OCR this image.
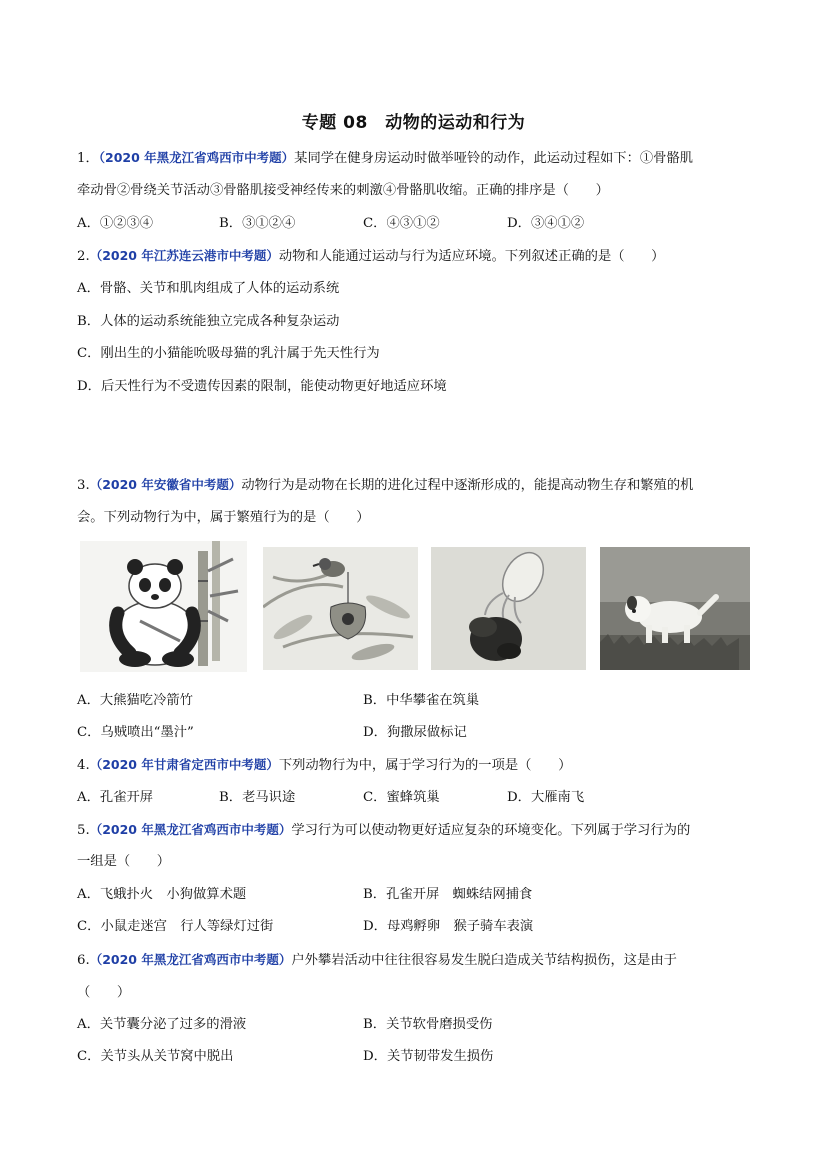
专题 08　动物的运动和行为
1．（2020 年黑龙江省鸡西市中考题）某同学在健身房运动时做举哑铃的动作，此运动过程如下：①骨骼肌
牵动骨②骨绕关节活动③骨骼肌接受神经传来的刺激④骨骼肌收缩。正确的排序是（　　）
A．①②③④	B．③①②④	C．④③①②	D．③④①②
2.（2020 年江苏连云港市中考题）动物和人能通过运动与行为适应环境。下列叙述正确的是（　　）
A．骨骼、关节和肌肉组成了人体的运动系统
B．人体的运动系统能独立完成各种复杂运动
C．刚出生的小猫能吮吸母猫的乳汁属于先天性行为
D．后天性行为不受遗传因素的限制，能使动物更好地适应环境
3.（2020 年安徽省中考题）动物行为是动物在长期的进化过程中逐渐形成的，能提高动物生存和繁殖的机
会。下列动物行为中，属于繁殖行为的是（　　）
A．大熊猫吃冷箭竹	B．中华攀雀在筑巢
C．乌贼喷出“墨汁”	D．狗撒尿做标记
4.（2020 年甘肃省定西市中考题）下列动物行为中，属于学习行为的一项是（　　）
A．孔雀开屏	B．老马识途	C．蜜蜂筑巢	D．大雁南飞
5.（2020 年黑龙江省鸡西市中考题）学习行为可以使动物更好适应复杂的环境变化。下列属于学习行为的
一组是（　　）
A．飞蛾扑火　小狗做算术题	B．孔雀开屏　蜘蛛结网捕食
C．小鼠走迷宫　行人等绿灯过街	D．母鸡孵卵　猴子骑车表演
6.（2020 年黑龙江省鸡西市中考题）户外攀岩活动中往往很容易发生脱臼造成关节结构损伤，这是由于
（　　）
A．关节囊分泌了过多的滑液	B．关节软骨磨损受伤
C．关节头从关节窝中脱出	D．关节韧带发生损伤
